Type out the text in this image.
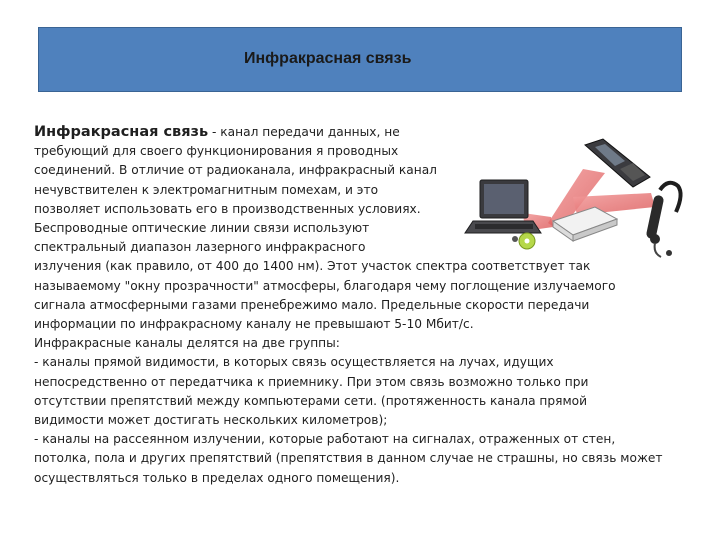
Инфракрасная связь
Инфракрасная связь - канал передачи данных, не
требующий для своего функционирования я проводных
соединений. В отличие от радиоканала, инфракрасный канал
нечувствителен к электромагнитным помехам, и это
позволяет использовать его в производственных условиях.
Беспроводные оптические линии связи используют
спектральный диапазон лазерного инфракрасного
излучения (как правило, от 400 до 1400 нм). Этот участок спектра соответствует так
называемому "окну прозрачности" атмосферы, благодаря чему поглощение излучаемого
сигнала атмосферными газами пренебрежимо мало. Предельные скорости передачи
информации по инфракрасному каналу не превышают 5-10 Мбит/с.
Инфракрасные каналы делятся на две группы:
- каналы прямой видимости, в которых связь осуществляется на лучах, идущих
непосредственно от передатчика к приемнику. При этом связь возможно только при
отсутствии препятствий между компьютерами сети. (протяженность канала прямой
видимости может достигать нескольких километров);
- каналы на рассеянном излучении, которые работают на сигналах, отраженных от стен,
потолка, пола и других препятствий (препятствия в данном случае не страшны, но связь может
осуществляться только в пределах одного помещения).
